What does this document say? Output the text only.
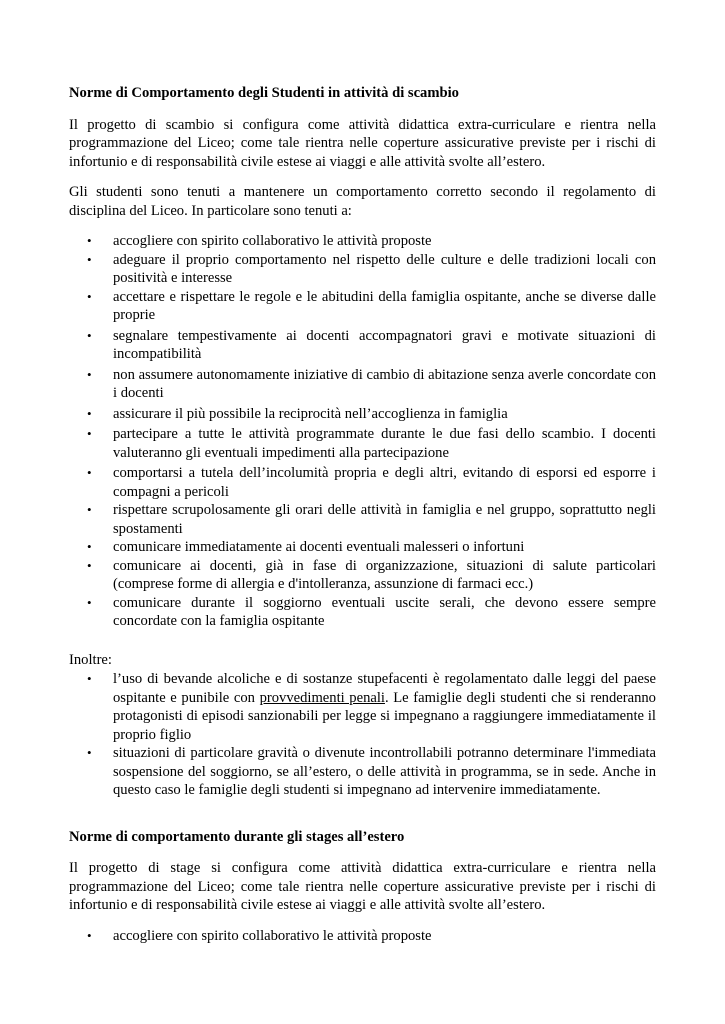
Norme di Comportamento degli Studenti in attività di scambio

Il progetto di scambio si configura come attività didattica extra-curriculare e rientra nella programmazione del Liceo; come tale rientra nelle coperture assicurative previste per i rischi di infortunio e di responsabilità civile estese ai viaggi e alle attività svolte all’estero.

Gli studenti sono tenuti a mantenere un comportamento corretto secondo il regolamento di disciplina del Liceo. In particolare sono tenuti a:

• accogliere con spirito collaborativo le attività proposte
• adeguare il proprio comportamento nel rispetto delle culture e delle tradizioni locali con positività e interesse
• accettare e rispettare le regole e le abitudini della famiglia ospitante, anche se diverse dalle proprie
• segnalare tempestivamente ai docenti accompagnatori gravi e motivate situazioni di incompatibilità
• non assumere autonomamente iniziative di cambio di abitazione senza averle concordate con i docenti
• assicurare il più possibile la reciprocità nell’accoglienza in famiglia
• partecipare a tutte le attività programmate durante le due fasi dello scambio. I docenti valuteranno gli eventuali impedimenti alla partecipazione
• comportarsi a tutela dell’incolumità propria e degli altri, evitando di esporsi ed esporre i compagni a pericoli
• rispettare scrupolosamente gli orari delle attività in famiglia e nel gruppo, soprattutto negli spostamenti
• comunicare immediatamente ai docenti eventuali malesseri o infortuni
• comunicare ai docenti, già in fase di organizzazione, situazioni di salute particolari (comprese forme di allergia e d'intolleranza, assunzione di farmaci ecc.)
• comunicare durante il soggiorno eventuali uscite serali, che devono essere sempre concordate con la famiglia ospitante

Inoltre:

• l’uso di bevande alcoliche e di sostanze stupefacenti è regolamentato dalle leggi del paese ospitante e punibile con provvedimenti penali. Le famiglie degli studenti che si renderanno protagonisti di episodi sanzionabili per legge si impegnano a raggiungere immediatamente il proprio figlio
• situazioni di particolare gravità o divenute incontrollabili potranno determinare l'immediata sospensione del soggiorno, se all’estero, o delle attività in programma, se in sede. Anche in questo caso le famiglie degli studenti si impegnano ad intervenire immediatamente.
Norme di comportamento durante gli stages all’estero

Il progetto di stage si configura come attività didattica extra-curriculare e rientra nella programmazione del Liceo; come tale rientra nelle coperture assicurative previste per i rischi di infortunio e di responsabilità civile estese ai viaggi e alle attività svolte all’estero.

• accogliere con spirito collaborativo le attività proposte
